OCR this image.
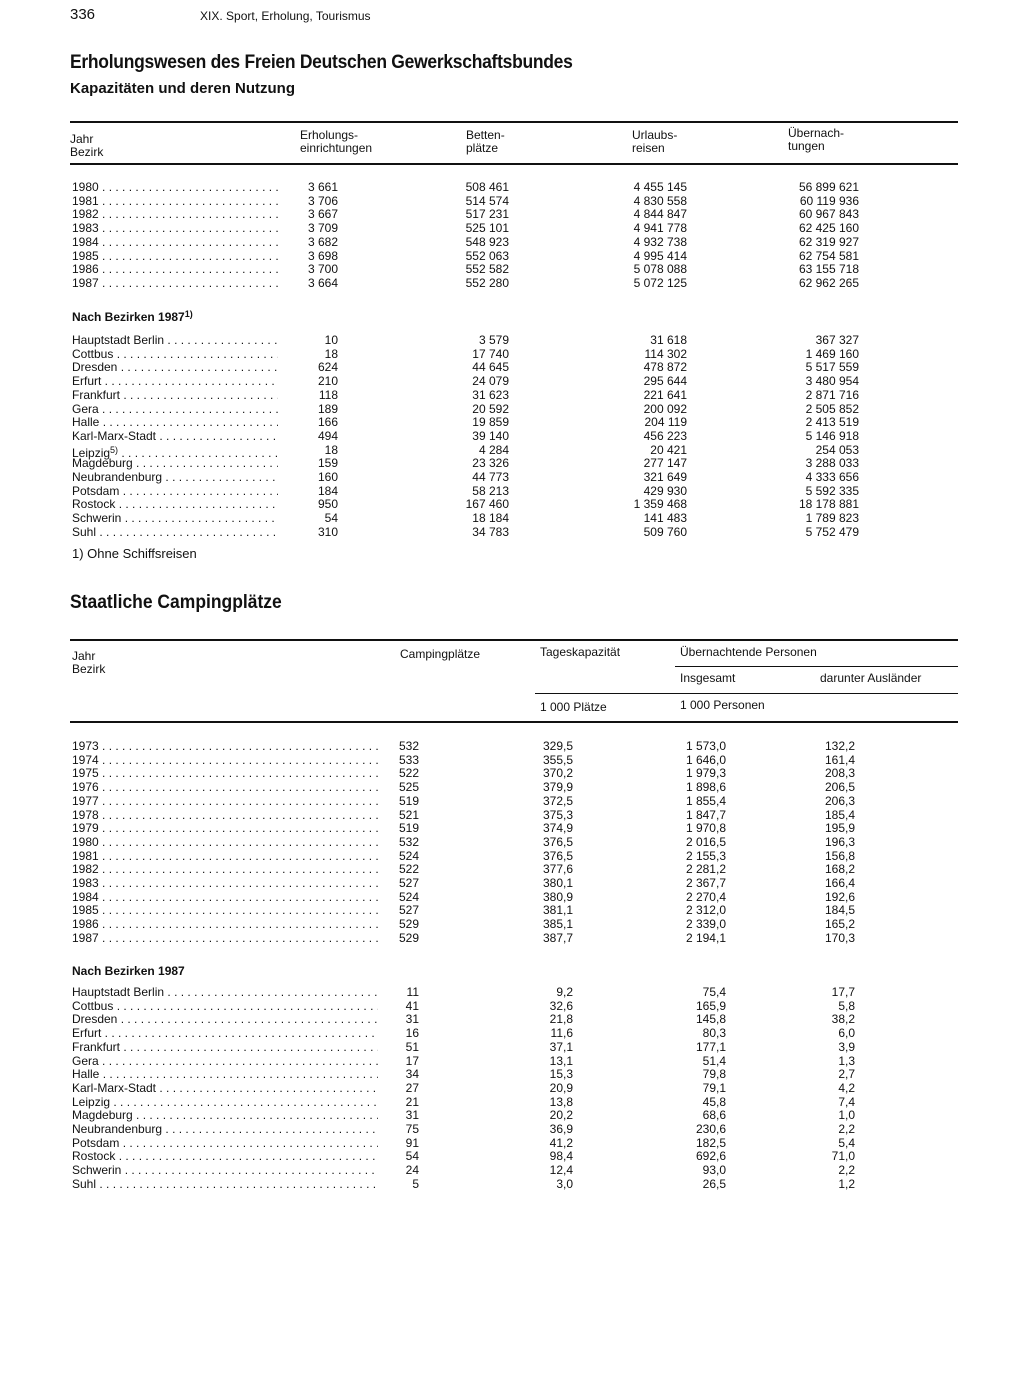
336	XIX. Sport, Erholung, Tourismus
Erholungswesen des Freien Deutschen Gewerkschaftsbundes
Kapazitäten und deren Nutzung
Jahr
Bezirk
Erholungs-
einrichtungen
Betten-
plätze
Urlaubs-
reisen
Übernach-
tungen
1980 . . .	3 661	508 461	4 455 145	56 899 621
1981 . . .	3 706	514 574	4 830 558	60 119 936
1982 . . .	3 667	517 231	4 844 847	60 967 843
1983 . . .	3 709	525 101	4 941 778	62 425 160
1984 . . .	3 682	548 923	4 932 738	62 319 927
1985 . . .	3 698	552 063	4 995 414	62 754 581
1986 . . .	3 700	552 582	5 078 088	63 155 718
1987 . . .	3 664	552 280	5 072 125	62 962 265
Nach Bezirken 1987$^{1)}$
Hauptstadt Berlin . . .	10	3 579	31 618	367 327
Cottbus . . .	18	17 740	114 302	1 469 160
Dresden . . .	624	44 645	478 872	5 517 559
Erfurt . . .	210	24 079	295 644	3 480 954
Frankfurt . . .	118	31 623	221 641	2 871 716
Gera . . .	189	20 592	200 092	2 505 852
Halle . . .	166	19 859	204 119	2 413 519
Karl-Marx-Stadt . . .	494	39 140	456 223	5 146 918
Leipzig$^{5)}$ . . .	18	4 284	20 421	254 053
Magdeburg . . .	159	23 326	277 147	3 288 033
Neubrandenburg . . .	160	44 773	321 649	4 333 656
Potsdam . . .	184	58 213	429 930	5 592 335
Rostock . . .	950	167 460	1 359 468	18 178 881
Schwerin . . .	54	18 184	141 483	1 789 823
Suhl . . .	310	34 783	509 760	5 752 479
1) Ohne Schiffsreisen
Staatliche Campingplätze
Jahr
Bezirk
Campingplätze	Tageskapazität	Übernachtende Personen
Insgesamt	darunter Ausländer
1 000 Plätze	1 000 Personen
1973 . . .	532	329,5	1 573,0	132,2
1974 . . .	533	355,5	1 646,0	161,4
1975 . . .	522	370,2	1 979,3	208,3
1976 . . .	525	379,9	1 898,6	206,5
1977 . . .	519	372,5	1 855,4	206,3
1978 . . .	521	375,3	1 847,7	185,4
1979 . . .	519	374,9	1 970,8	195,9
1980 . . .	532	376,5	2 016,5	196,3
1981 . . .	524	376,5	2 155,3	156,8
1982 . . .	522	377,6	2 281,2	168,2
1983 . . .	527	380,1	2 367,7	166,4
1984 . . .	524	380,9	2 270,4	192,6
1985 . . .	527	381,1	2 312,0	184,5
1986 . . .	529	385,1	2 339,0	165,2
1987 . . .	529	387,7	2 194,1	170,3
Nach Bezirken 1987
Hauptstadt Berlin . . .	11	9,2	75,4	17,7
Cottbus . . .	41	32,6	165,9	5,8
Dresden . . .	31	21,8	145,8	38,2
Erfurt . . .	16	11,6	80,3	6,0
Frankfurt . . .	51	37,1	177,1	3,9
Gera . . .	17	13,1	51,4	1,3
Halle . . .	34	15,3	79,8	2,7
Karl-Marx-Stadt . . .	27	20,9	79,1	4,2
Leipzig . . .	21	13,8	45,8	7,4
Magdeburg . . .	31	20,2	68,6	1,0
Neubrandenburg . . .	75	36,9	230,6	2,2
Potsdam . . .	91	41,2	182,5	5,4
Rostock . . .	54	98,4	692,6	71,0
Schwerin . . .	24	12,4	93,0	2,2
Suhl . . .	5	3,0	26,5	1,2
